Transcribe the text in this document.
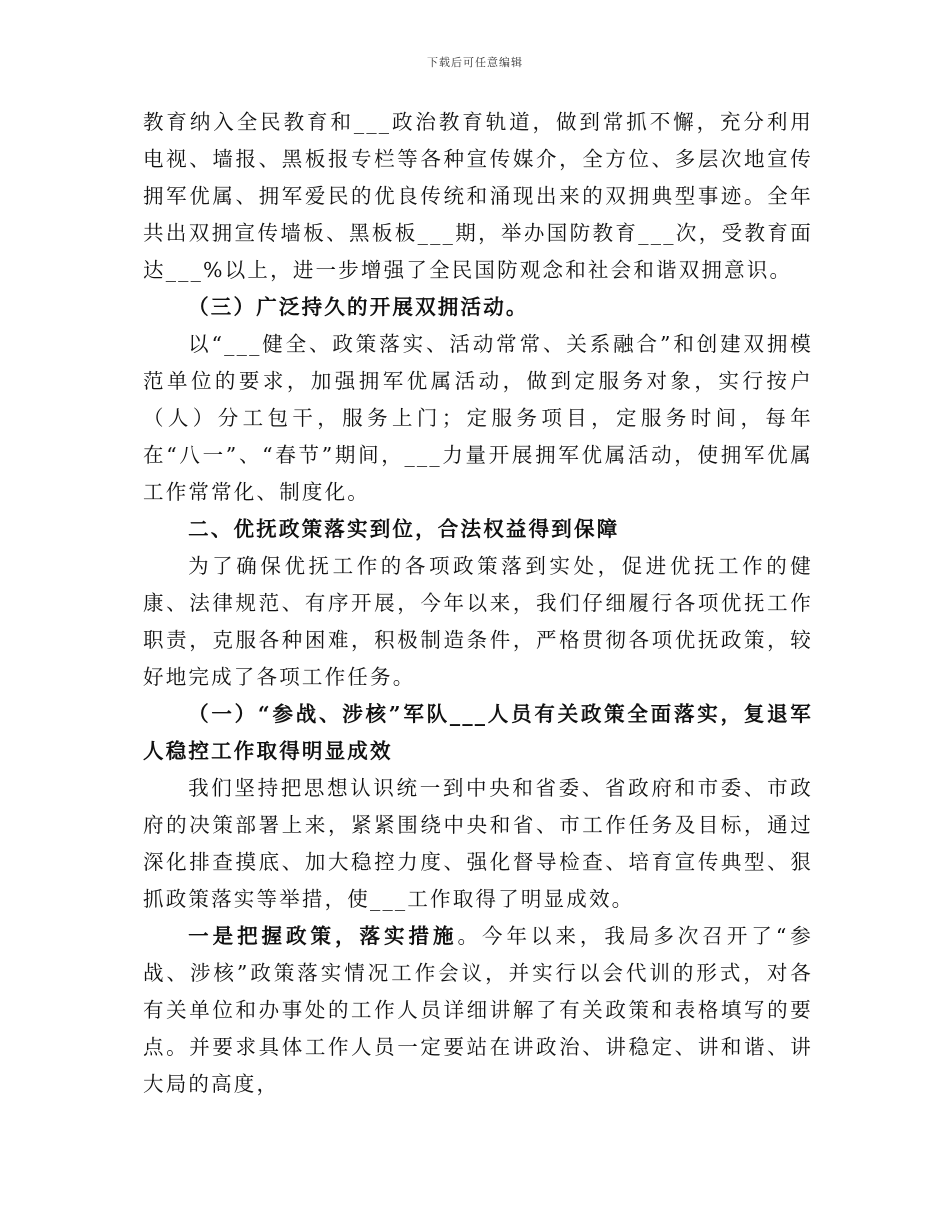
下载后可任意编辑

教育纳入全民教育和___政治教育轨道，做到常抓不懈，充分利用电视、墙报、黑板报专栏等各种宣传媒介，全方位、多层次地宣传拥军优属、拥军爱民的优良传统和涌现出来的双拥典型事迹。全年共出双拥宣传墙板、黑板板___期，举办国防教育___次，受教育面达___%以上，进一步增强了全民国防观念和社会和谐双拥意识。

（三）广泛持久的开展双拥活动。

以“___健全、政策落实、活动常常、关系融合”和创建双拥模范单位的要求，加强拥军优属活动，做到定服务对象，实行按户（人）分工包干，服务上门；定服务项目，定服务时间，每年在“八一”、“春节”期间，___力量开展拥军优属活动，使拥军优属工作常常化、制度化。

二、优抚政策落实到位，合法权益得到保障

为了确保优抚工作的各项政策落到实处，促进优抚工作的健康、法律规范、有序开展，今年以来，我们仔细履行各项优抚工作职责，克服各种困难，积极制造条件，严格贯彻各项优抚政策，较好地完成了各项工作任务。

（一）“参战、涉核”军队___人员有关政策全面落实，复退军人稳控工作取得明显成效

我们坚持把思想认识统一到中央和省委、省政府和市委、市政府的决策部署上来，紧紧围绕中央和省、市工作任务及目标，通过深化排查摸底、加大稳控力度、强化督导检查、培育宣传典型、狠抓政策落实等举措，使___工作取得了明显成效。

一是把握政策，落实措施。今年以来，我局多次召开了“参战、涉核”政策落实情况工作会议，并实行以会代训的形式，对各有关单位和办事处的工作人员详细讲解了有关政策和表格填写的要点。并要求具体工作人员一定要站在讲政治、讲稳定、讲和谐、讲大局的高度，
